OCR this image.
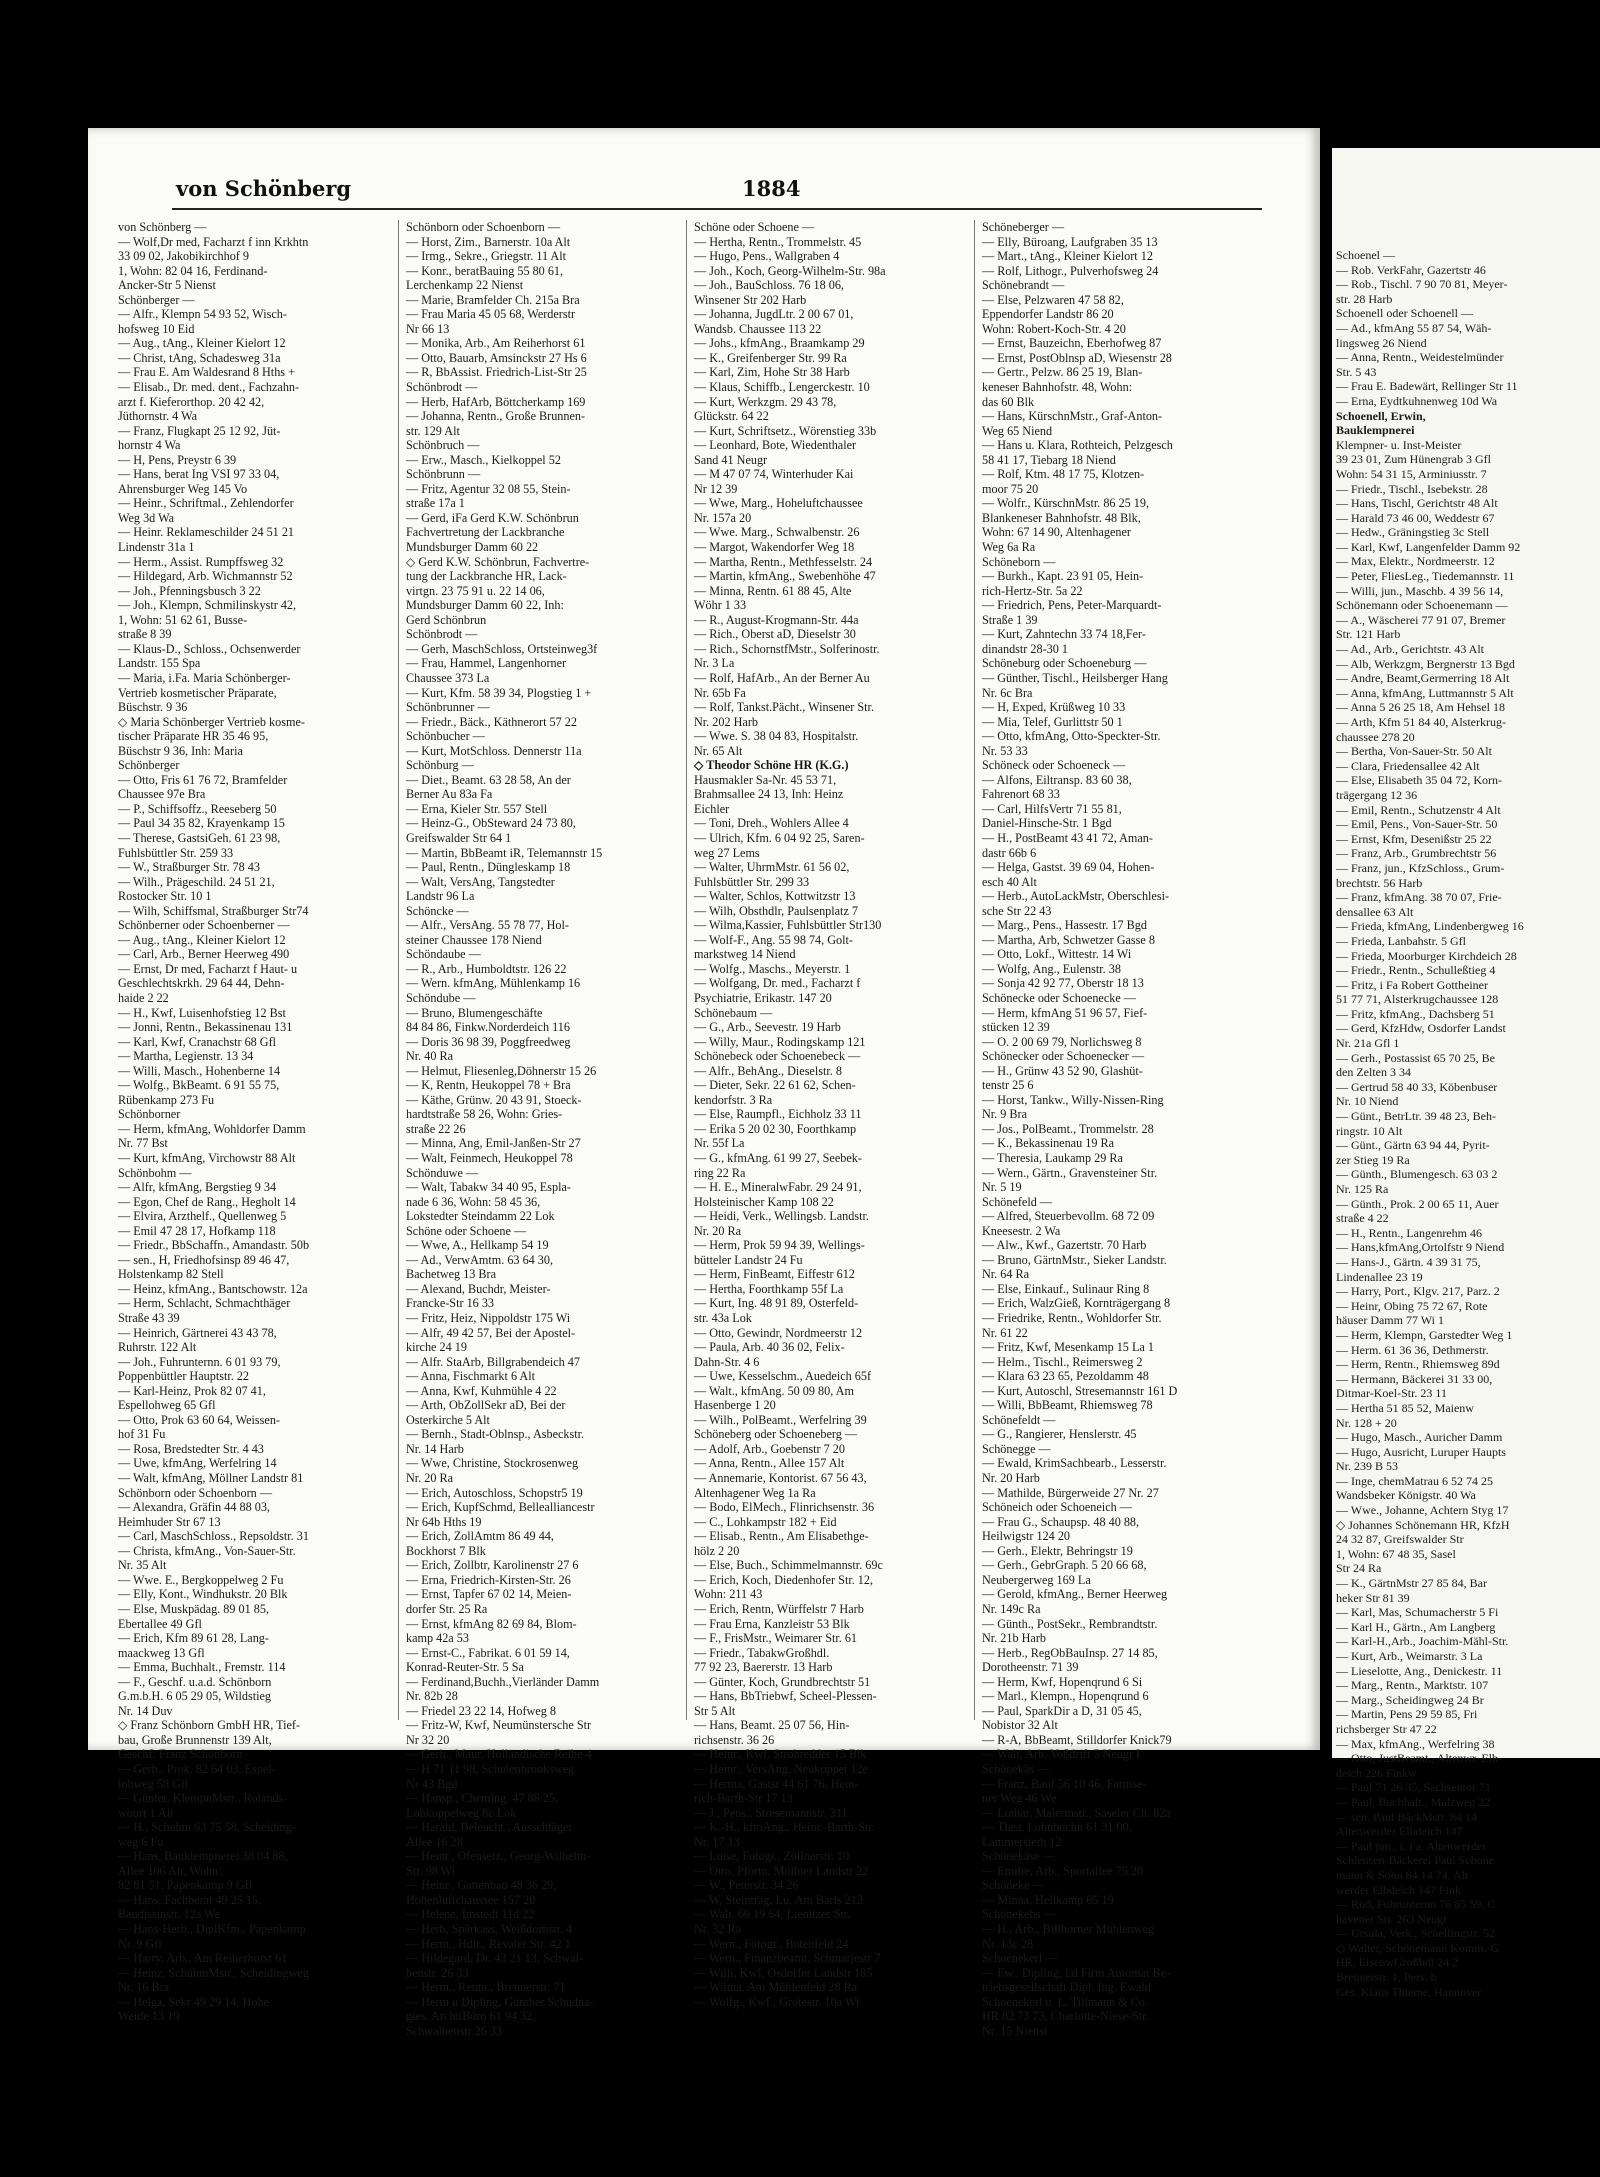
von Schönberg	1884
von Schönberg —
— Wolf,Dr med, Facharzt f inn Krkhtn
33 09 02, Jakobikirchhof 9
1, Wohn: 82 04 16, Ferdinand-
Ancker-Str 5 Nienst
Schönberger —
— Alfr., Klempn 54 93 52, Wisch-
hofsweg 10 Eid
— Aug., tAng., Kleiner Kielort 12
— Christ, tAng, Schadesweg 31a
— Frau E. Am Waldesrand 8 Hths +
— Elisab., Dr. med. dent., Fachzahn-
arzt f. Kieferorthop. 20 42 42,
Jüthornstr. 4 Wa
— Franz, Flugkapt 25 12 92, Jüt-
hornstr 4 Wa
— H, Pens, Preystr 6 39
— Hans, berat Ing VSI 97 33 04,
Ahrensburger Weg 145 Vo
— Heinr., Schriftmal., Zehlendorfer
Weg 3d Wa
— Heinr. Reklameschilder 24 51 21
Lindenstr 31a 1
— Herm., Assist. Rumpffsweg 32
— Hildegard, Arb. Wichmannstr 52
— Joh., Pfenningsbusch 3 22
— Joh., Klempn, Schmilinskystr 42,
1, Wohn: 51 62 61, Busse-
straße 8 39
— Klaus-D., Schloss., Ochsenwerder
Landstr. 155 Spa
— Maria, i.Fa. Maria Schönberger-
Vertrieb kosmetischer Präparate,
Büschstr. 9 36
◇ Maria Schönberger Vertrieb kosme-
tischer Präparate HR 35 46 95,
Büschstr 9 36, Inh: Maria
Schönberger
— Otto, Fris 61 76 72, Bramfelder
Chaussee 97e Bra
— P., Schiffsoffz., Reeseberg 50
— Paul 34 35 82, Krayenkamp 15
— Therese, GastsiGeh. 61 23 98,
Fuhlsbüttler Str. 259 33
— W., Straßburger Str. 78 43
— Wilh., Prägeschild. 24 51 21,
Rostocker Str. 10 1
— Wilh, Schiffsmal, Straßburger Str74
Schönberner oder Schoenberner —
— Aug., tAng., Kleiner Kielort 12
— Carl, Arb., Berner Heerweg 490
— Ernst, Dr med, Facharzt f Haut- u
Geschlechtskrkh. 29 64 44, Dehn-
haide 2 22
— H., Kwf, Luisenhofstieg 12 Bst
— Jonni, Rentn., Bekassinenau 131
— Karl, Kwf, Cranachstr 68 Gfl
— Martha, Legienstr. 13 34
— Willi, Masch., Hohenberne 14
— Wolfg., BkBeamt. 6 91 55 75,
Rübenkamp 273 Fu
Schönborner
— Herm, kfmAng, Wohldorfer Damm
Nr. 77 Bst
— Kurt, kfmAng, Virchowstr 88 Alt
Schönbohm —
— Alfr, kfmAng, Bergstieg 9 34
— Egon, Chef de Rang., Hegholt 14
— Elvira, Arzthelf., Quellenweg 5
— Emil 47 28 17, Hofkamp 118
— Friedr., BbSchaffn., Amandastr. 50b
— sen., H, Friedhofsinsp 89 46 47,
Holstenkamp 82 Stell
— Heinz, kfmAng., Bantschowstr. 12a
— Herm, Schlacht, Schmachthäger
Straße 43 39
— Heinrich, Gärtnerei 43 43 78,
Ruhrstr. 122 Alt
— Joh., Fuhrunternn. 6 01 93 79,
Poppenbüttler Hauptstr. 22
— Karl-Heinz, Prok 82 07 41,
Espellohweg 65 Gfl
— Otto, Prok 63 60 64, Weissen-
hof 31 Fu
— Rosa, Bredstedter Str. 4 43
— Uwe, kfmAng, Werfelring 14
— Walt, kfmAng, Möllner Landstr 81
Schönborn oder Schoenborn —
— Alexandra, Gräfin 44 88 03,
Heimhuder Str 67 13
— Carl, MaschSchloss., Repsoldstr. 31
— Christa, kfmAng., Von-Sauer-Str.
Nr. 35 Alt
— Wwe. E., Bergkoppelweg 2 Fu
— Elly, Kont., Windhukstr. 20 Blk
— Else, Muskpädag. 89 01 85,
Ebertallee 49 Gfl
— Erich, Kfm 89 61 28, Lang-
maackweg 13 Gfl
— Emma, Buchhalt., Fremstr. 114
— F., Geschf. u.a.d. Schönborn
G.m.b.H. 6 05 29 05, Wildstieg
Nr. 14 Duv
◇ Franz Schönborn GmbH HR, Tief-
bau, Große Brunnenstr 139 Alt,
Geschf: Franz Schönborn
— Gerh., Prok. 82 64 03, Espel-
lohweg 58 Gfl
— Günter, KlempnMstr., Rolands-
woort 1 Alt
— H., Schuhm 63 75 58, Scheiding-
weg 6 Fu
— Hans, Bauklempnerei 38 04 88,
Allee 106 Alt, Wohn:
82 81 51, Papenkamp 9 Gfl
— Hans, Fachberat 49 25 15,
Baudissinstr. 12a We
— Hans-Herb., DiplKfm., Papenkamp
Nr. 9 Gfl
— Harry, Arb., Am Reiherhorst 61
— Heinz, SchuhmMstr., Scheidingweg
Nr. 16 Bra
— Helga, Sekr 49 29 14, Hohe
Weide 13 19
Schönborn oder Schoenborn —
— Horst, Zim., Barnerstr. 10a Alt
— Irmg., Sekre., Griegstr. 11 Alt
— Konr., beratBauing 55 80 61,
Lerchenkamp 22 Nienst
— Marie, Bramfelder Ch. 215a Bra
— Frau Maria 45 05 68, Werderstr
Nr 66 13
— Monika, Arb., Am Reiherhorst 61
— Otto, Bauarb, Amsinckstr 27 Hs 6
— R, BbAssist. Friedrich-List-Str 25
Schönbrodt —
— Herb, HafArb, Böttcherkamp 169
— Johanna, Rentn., Große Brunnen-
str. 129 Alt
Schönbruch —
— Erw., Masch., Kielkoppel 52
Schönbrunn —
— Fritz, Agentur 32 08 55, Stein-
straße 17a 1
— Gerd, iFa Gerd K.W. Schönbrun
Fachvertretung der Lackbranche
Mundsburger Damm 60 22
◇ Gerd K.W. Schönbrun, Fachvertre-
tung der Lackbranche HR, Lack-
virtgn. 23 75 91 u. 22 14 06,
Mundsburger Damm 60 22, Inh:
Gerd Schönbrun
Schönbrodt —
— Gerh, MaschSchloss, Ortsteinweg3f
— Frau, Hammel, Langenhorner
Chaussee 373 La
— Kurt, Kfm. 58 39 34, Plogstieg 1 +
Schönbrunner —
— Friedr., Bäck., Käthnerort 57 22
Schönbucher —
— Kurt, MotSchloss. Dennerstr 11a
Schönburg —
— Diet., Beamt. 63 28 58, An der
Berner Au 83a Fa
— Erna, Kieler Str. 557 Stell
— Heinz-G., ObSteward 24 73 80,
Greifswalder Str 64 1
— Martin, BbBeamt iR, Telemannstr 15
— Paul, Rentn., Düngleskamp 18
— Walt, VersAng, Tangstedter
Landstr 96 La
Schöncke —
— Alfr., VersAng. 55 78 77, Hol-
steiner Chaussee 178 Niend
Schöndaube —
— R., Arb., Humboldtstr. 126 22
— Wern. kfmAng, Mühlenkamp 16
Schöndube —
— Bruno, Blumengeschäfte
84 84 86, Finkw.Norderdeich 116
— Doris 36 98 39, Poggfreedweg
Nr. 40 Ra
— Helmut, Fliesenleg,Döhnerstr 15 26
— K, Rentn, Heukoppel 78 + Bra
— Käthe, Grünw. 20 43 91, Stoeck-
hardtstraße 58 26, Wohn: Gries-
straße 22 26
— Minna, Ang, Emil-Janßen-Str 27
— Walt, Feinmech, Heukoppel 78
Schönduwe —
— Walt, Tabakw 34 40 95, Esplа-
nade 6 36, Wohn: 58 45 36,
Lokstedter Steindamm 22 Lok
Schöne oder Schoene —
— Wwe, A., Hellkamp 54 19
— Ad., VerwAmtm. 63 64 30,
Bachetweg 13 Bra
— Alexand, Buchdr, Meister-
Francke-Str 16 33
— Fritz, Heiz, Nippoldstr 175 Wi
— Alfr, 49 42 57, Bei der Apostel-
kirche 24 19
— Alfr. StaArb, Billgrabendeich 47
— Anna, Fischmarkt 6 Alt
— Anna, Kwf, Kuhmühle 4 22
— Arth, ObZollSekr aD, Bei der
Osterkirche 5 Alt
— Bernh., Stadt-Oblnsp., Asbeckstr.
Nr. 14 Harb
— Wwe, Christine, Stockrosenweg
Nr. 20 Ra
— Erich, Autoschloss, Schopstr5 19
— Erich, KupfSchmd, Belleallіancestr
Nr 64b Hths 19
— Erich, ZollAmtm 86 49 44,
Bockhorst 7 Blk
— Erich, Zollbtr, Karolinenstr 27 6
— Erna, Friedrich-Kirsten-Str. 26
— Ernst, Tapfer 67 02 14, Meien-
dorfer Str. 25 Ra
— Ernst, kfmAng 82 69 84, Blom-
kamp 42a 53
— Ernst-C., Fabrikat. 6 01 59 14,
Konrad-Reuter-Str. 5 Sa
— Ferdinand,Buchh.,Vierländer Damm
Nr. 82b 28
— Friedel 23 22 14, Hofweg 8
— Fritz-W, Kwf, Neumünstersche Str
Nr 32 20
— Gerh., Maur, Holländische Reihe 4
— H 71 11 98, Schulenbrooksweg
Nr 43 Bgd
— Hansp., Chemlng. 47 88 25,
Lohkoppelweg 8c Lok
— Harald, Beleucht., Ausschläger
Allee 16 28
— Heinr., Ofensetz., Georg-Wilhelm-
Str. 98 Wi
— Heinr., Gattenbau 48 36 29,
Hohenluftchaussee 157 20
— Helene, Imstedt 11d 22
— Herb, Spärkass, Weißdornstr. 4
— Herm., Hdlr., Revaler Str. 42 1
— Hildegard, Dr. 43 21 13, Schwal-
benstr. 26 33
— Herm., Rentn., Brennerstr. 71
— Herm u Dipling, Günther Schudna-
gies, ArchitBüro 61 94 32,
Schwalbenstr 26 33
Schöne oder Schoene —
— Hertha, Rentn., Trommelstr. 45
— Hugo, Pens., Wallgraben 4
— Joh., Koch, Georg-Wilhelm-Str. 98a
— Joh., BauSchloss. 76 18 06,
Winsener Str 202 Harb
— Johanna, JugdLtr. 2 00 67 01,
Wandsb. Chaussee 113 22
— Johs., kfmAng., Braamkamp 29
— K., Greifenberger Str. 99 Ra
— Karl, Zim, Hohe Str 38 Harb
— Klaus, Schiffb., Lengerckestr. 10
— Kurt, Werkzgm. 29 43 78,
Glückstr. 64 22
— Kurt, Schriftsetz., Wörenstieg 33b
— Leonhard, Bote, Wiedenthaler
Sand 41 Neugr
— M 47 07 74, Winterhuder Kai
Nr 12 39
— Wwe, Marg., Hoheluftchaussee
Nr. 157a 20
— Wwe. Marg., Schwalbenstr. 26
— Margot, Wakendorfer Weg 18
— Martha, Rentn., Methfesselstr. 24
— Martin, kfmAng., Swebenhöhe 47
— Minna, Rentn. 61 88 45, Alte
Wöhr 1 33
— R., August-Krogmann-Str. 44a
— Rich., Oberst aD, Dieselstr 30
— Rich., SchornstfMstr., Solferinostr.
Nr. 3 La
— Rolf, HafArb., An der Berner Au
Nr. 65b Fa
— Rolf, Tankst.Pächt., Winsener Str.
Nr. 202 Harb
— Wwe. S. 38 04 83, Hospitalstr.
Nr. 65 Alt
◇ Theodor Schöne HR (K.G.)
Hausmakler Sa-Nr. 45 53 71,
Brahmsallee 24 13, Inh: Heinz
Eichler
— Toni, Dreh., Wohlers Allee 4
— Ulrich, Kfm. 6 04 92 25, Saren-
weg 27 Lems
— Walter, UhrmMstr. 61 56 02,
Fuhlsbüttler Str. 299 33
— Walter, Schlos, Kottwitzstr 13
— Wilh, Obsthdlr, Paulsenplatz 7
— Wilma,Kassier, Fuhlsbüttler Str130
— Wolf-F., Ang. 55 98 74, Golt-
markstweg 14 Niend
— Wolfg., Maschs., Meyerstr. 1
— Wolfgang, Dr. med., Facharzt f
Psychiatrie, Erikastr. 147 20
Schönebaum —
— G., Arb., Seevestr. 19 Harb
— Willy, Maur., Rodingskamp 121
Schönebeck oder Schoenebeck —
— Alfr., BehAng., Dieselstr. 8
— Dieter, Sekr. 22 61 62, Schen-
kendorfstr. 3 Ra
— Else, Raumpfl., Eichholz 33 11
— Erika 5 20 02 30, Foorthkamp
Nr. 55f La
— G., kfmAng. 61 99 27, Seebek-
ring 22 Ra
— H. E., MineralwFabr. 29 24 91,
Holsteinischer Kamp 108 22
— Heidi, Verk., Wellingsb. Landstr.
Nr. 20 Ra
— Herm, Prok 59 94 39, Wellings-
bütteler Landstr 24 Fu
— Herm, FinBeamt, Eiffestr 612
— Hertha, Foorthkamp 55f La
— Kurt, Ing. 48 91 89, Osterfeld-
str. 43a Lok
— Otto, Gewindr, Nordmeerstr 12
— Paula, Arb. 40 36 02, Felix-
Dahn-Str. 4 6
— Uwe, Kesselschm., Auedeich 65f
— Walt., kfmAng. 50 09 80, Am
Hasenberge 1 20
— Wilh., PolBeamt., Werfelring 39
Schöneberg oder Schoeneberg —
— Adolf, Arb., Goebenstr 7 20
— Anna, Rentn., Allee 157 Alt
— Annemarie, Kontorist. 67 56 43,
Altenhagener Weg 1a Ra
— Bodo, ElMech., Flinrichsenstr. 36
— C., Lohkampstr 182 + Eid
— Elisab., Rentn., Am Elisabethge-
hölz 2 20
— Else, Buch., Schimmelmannstr. 69c
— Erich, Koch, Diedenhofer Str. 12,
Wohn: 211 43
— Erich, Rentn, Würffelstr 7 Harb
— Frau Erna, Kanzleistr 53 Blk
— F., FrisMstr., Weimarer Str. 61
— Friedr., TabakwGroßhdl.
77 92 23, Baererstr. 13 Harb
— Günter, Koch, Grundbrechtstr 51
— Hans, BbTriebwf, Scheel-Plessen-
Str 5 Alt
— Hans, Beamt. 25 07 56, Hin-
richsenstr. 36 26
— Heinr., Kwf, Strohredder 15 Blk
— Heinr., VersAng, Neukoppel 12e
— Herma, Gastst 44 61 76, Hein-
rich-Barth-Str 17 13
— J., Pens., Stresemannstr. 311
— K.-H., kfmAng., Heinr.-Barth-Str.
Nr. 17 13
— Luise, Fotogr., Zöllnerstr. 10
— Otto, Pförtn, Möllner Landstr 22
— W., Peterstr. 34 26
— W, Steinträg, Lu, Am Barls 213
— Walt. 66 19 64, Lienitzer Str.
Nr. 32 Ra
— Wern., Fotogr., Butenfeld 24
— Wern., Finanzbeamt, Schmarjestr 7
— Willi, Kwf, Osdorfer Landstr 185
— Wilma, Am Mühlenfeld 28 Ra
— Wolfg., Kwf., Grotestr. 10a Wi
Schöneberger —
— Elly, Büroang, Laufgraben 35 13
— Mart., tAng., Kleiner Kielort 12
— Rolf, Lithogr., Pulverhofsweg 24
Schönebrandt —
— Else, Pelzwaren 47 58 82,
Eppendorfer Landstr 86 20
Wohn: Robert-Koch-Str. 4 20
— Ernst, Bauzeichn, Eberhofweg 87
— Ernst, PostOblnsp aD, Wiesenstr 28
— Gertr., Pelzw. 86 25 19, Blan-
keneser Bahnhofstr. 48, Wohn:
das 60 Blk
— Hans, KürschnMstr., Graf-Anton-
Weg 65 Niend
— Hans u. Klara, Rothteich, Pelzgesch
58 41 17, Tiebarg 18 Niend
— Rolf, Ktm. 48 17 75, Klotzen-
moor 75 20
— Wolfr., KürschnMstr. 86 25 19,
Blankeneser Bahnhofstr. 48 Blk,
Wohn: 67 14 90, Altenhagener
Weg 6a Ra
Schöneborn —
— Burkh., Kapt. 23 91 05, Hein-
rich-Hertz-Str. 5a 22
— Friedrich, Pens, Peter-Marquardt-
Straße 1 39
— Kurt, Zahntechn 33 74 18,Fer-
dinandstr 28-30 1
Schöneburg oder Schoeneburg —
— Günther, Tischl., Heilsberger Hang
Nr. 6c Bra
— H, Exped, Krüßweg 10 33
— Mia, Telef, Gurlittstr 50 1
— Otto, kfmAng, Otto-Speckter-Str.
Nr. 53 33
Schöneck oder Schoeneck —
— Alfons, Eiltransp. 83 60 38,
Fahrenort 68 33
— Carl, HilfsVertr 71 55 81,
Daniel-Hinsche-Str. 1 Bgd
— H., PostBeamt 43 41 72, Aman-
dastr 66b 6
— Helga, Gastst. 39 69 04, Hohen-
esch 40 Alt
— Herb., AutoLackMstr, Oberschlesi-
sche Str 22 43
— Marg., Pens., Hassestr. 17 Bgd
— Martha, Arb, Schwetzer Gasse 8
— Otto, Lokf., Wittestr. 14 Wi
— Wolfg, Ang., Eulenstr. 38
— Sonja 42 92 77, Oberstr 18 13
Schönecke oder Schoenecke —
— Herm, kfmAng 51 96 57, Fief-
stücken 12 39
— O. 2 00 69 79, Norlichsweg 8
Schönecker oder Schoenecker —
— H., Grünw 43 52 90, Glashüt-
tenstr 25 6
— Horst, Tankw., Willy-Nissen-Ring
Nr. 9 Bra
— Jos., PolBeamt., Trommelstr. 28
— K., Bekassinenau 19 Ra
— Theresia, Laukamp 29 Ra
— Wern., Gärtn., Gravensteiner Str.
Nr. 5 19
Schönefeld —
— Alfred, Steuerbevollm. 68 72 09
Kneesestr. 2 Wa
— Alw., Kwf., Gazertstr. 70 Harb
— Bruno, GärtnMstr., Sieker Landstr.
Nr. 64 Ra
— Else, Einkauf., Sulinaur Ring 8
— Erich, WalzGieß, Kornträgergang 8
— Friedrike, Rentn., Wohldorfer Str.
Nr. 61 22
— Fritz, Kwf, Mesenkamp 15 La 1
— Helm., Tischl., Reimersweg 2
— Klara 63 23 65, Pezoldamm 48
— Kurt, Autoschl, Stresemannstr 161 D
— Willi, BbBeamt, Rhiemsweg 78
Schönefeldt —
— G., Rangierer, Henslerstr. 45
Schönegge —
— Ewald, KrimSachbearb., Lesserstr.
Nr. 20 Harb
— Mathilde, Bürgerweide 27 Nr. 27
Schöneich oder Schoeneich —
— Frau G., Schaupsp. 48 40 88,
Heilwigstr 124 20
— Gerh., Elektr, Behringstr 19
— Gerh., GebrGraph. 5 20 66 68,
Neubergerweg 169 La
— Gerold, kfmAng., Berner Heerweg
Nr. 149c Ra
— Günth., PostSekr., Rembrandtstr.
Nr. 21b Harb
— Herb., RegObBauInsp. 27 14 85,
Dorotheenstr. 71 39
— Herm, Kwf, Hopenqrund 6 Si
— Marl., Klempn., Hopenqrund 6
— Paul, SparkDir a D, 31 05 45,
Nobistor 32 Alt
— R-A, BbBeamt, Stilldorfer Knick79
— Walt, Arb, Voßdrift 5 Neugr I
Schönekäs —
— Franz, Bauf 56 10 46, Farmse-
ner Weg 46 We
— Lothar, Malermstr., Saseler Ch. 82a
— Thea, Lohnbuchh 61 31 00,
Lämmersieth 12
Schönekäse —
— Emilie, Arb., Sportallee 75 20
Schöneke —
— Minna, Hellkamp 65 19
Schönekehs —
— H., Arb., Billhorner Mühlenweg
Nr. 13c 28
Schoenekerl —
— Ew., Dipling, i.d Firm Automat Be-
triebsgesellschaft Dipl. Ing. Ewald
Schoenekerl u. L. Tillmann & Co.
HR 82 73 73, Charlotte-Niese-Str.
Nr. 15 Nienst
Schoenel —
— Rob. VerkFahr, Gazertstr 46
— Rob., Tischl. 7 90 70 81, Meyer-
str. 28 Harb
Schoenell oder Schoenell —
— Ad., kfmAng 55 87 54, Wäh-
lingsweg 26 Niend
— Anna, Rentn., Weidestelmünder
Str. 5 43
— Frau E. Badewärt, Rellinger Str 11
— Erna, Eydtkuhnenweg 10d Wa
Schoenell, Erwin,
Bauklempnerei
Klempner- u. Inst-Meister
39 23 01, Zum Hünengrab 3 Gfl
Wohn: 54 31 15, Arminiusstr. 7
— Friedr., Tischl., Isebekstr. 28
— Hans, Tischl, Gerichtstr 48 Alt
— Harald 73 46 00, Weddestr 67
— Hedw., Gräningstieg 3c Stell
— Karl, Kwf, Langenfelder Damm 92
— Max, Elektr., Nordmeerstr. 12
— Peter, FliesLeg., Tiedemannstr. 11
— Willi, jun., Maschb. 4 39 56 14,
Schönemann oder Schoenemann —
— A., Wäscherei 77 91 07, Bremer
Str. 121 Harb
— Ad., Arb., Gerichtstr. 43 Alt
— Alb, Werkzgm, Bergnerstr 13 Bgd
— Andre, Beamt,Germerring 18 Alt
— Anna, kfmAng, Luttmannstr 5 Alt
— Anna 5 26 25 18, Am Hehsel 18
— Arth, Kfm 51 84 40, Alsterkrug-
chaussee 278 20
— Bertha, Von-Sauer-Str. 50 Alt
— Clara, Friedensallee 42 Alt
— Else, Elisabeth 35 04 72, Korn-
trägergang 12 36
— Emil, Rentn., Schutzenstr 4 Alt
— Emil, Pens., Von-Sauer-Str. 50
— Ernst, Kfm, Desenißstr 25 22
— Franz, Arb., Grumbrechtstr 56
— Franz, jun., KfzSchloss., Grum-
brechtstr. 56 Harb
— Franz, kfmAng. 38 70 07, Frie-
densallee 63 Alt
— Frieda, kfmAng, Lindenbergweg 16
— Frieda, Lanbahstr. 5 Gfl
— Frieda, Moorburger Kirchdeich 28
— Friedr., Rentn., Schulleßtieg 4
— Fritz, i Fa Robert Gottheiner
51 77 71, Alsterkrugchaussee 128
— Fritz, kfmAng., Dachsberg 51
— Gerd, KfzHdw, Osdorfer Landst
Nr. 21a Gfl 1
— Gerh., Postassist 65 70 25, Be
den Zelten 3 34
— Gertrud 58 40 33, Köbenbuser
Nr. 10 Niend
— Günt., BetrLtr. 39 48 23, Beh-
ringstr. 10 Alt
— Günt., Gärtn 63 94 44, Pyrit-
zer Stieg 19 Ra
— Günth., Blumengesch. 63 03 2
Nr. 125 Ra
— Günth., Prok. 2 00 65 11, Auer
straße 4 22
— H., Rentn., Langenrehm 46
— Hans,kfmAng,Ortolfstr 9 Niend
— Hans-J., Gärtn. 4 39 31 75,
Lindenallee 23 19
— Harry, Port., Klgv. 217, Parz. 2
— Heinr, Obing 75 72 67, Rote
häuser Damm 77 Wi 1
— Herm, Klempn, Garstedter Weg 1
— Herm. 61 36 36, Dethmerstr.
— Herm, Rentn., Rhiemsweg 89d
— Hermann, Bäckerei 31 33 00,
Ditmar-Koel-Str. 23 11
— Hertha 51 85 52, Maienw
Nr. 128 + 20
— Hugo, Masch., Auricher Damm
— Hugo, Ausricht, Luruper Haupts
Nr. 239 B 53
— Inge, chemMatrau 6 52 74 25
Wandsbeker Königstr. 40 Wa
— Wwe., Johanne, Achtern Styg 17
◇ Johannes Schönemann HR, KfzH
24 32 87, Greifswalder Str
1, Wohn: 67 48 35, Sasel
Str 24 Ra
— K., GärtnMstr 27 85 84, Bar
heker Str 81 39
— Karl, Mas, Schumacherstr 5 Fi
— Karl H., Gärtn., Am Langberg
— Karl-H.,Arb., Joachim-Mähl-Str.
— Kurt, Arb., Weimarstr. 3 La
— Lieselotte, Ang., Denickestr. 11
— Marg., Rentn., Marktstr. 107
— Marg., Scheidingweg 24 Br
— Martin, Pens 29 59 85, Fri
richsberger Str 47 22
— Max, kfmAng., Werfelring 38
— Otto, JustBeamt., Altenwr. Elb-
deich 226 Finkw
— Paul 71 26 35, Sachsentor 71
— Paul, Buchhalt., Malzweg 22
— sen. Paul BäckMstr. 84 14
Altenwerder Elbdeich 147
— Paul jun., i. Fa. Altenwerder
Schleusen-Bäckerei Paul Schone
mann & Sohn 84 14 74, Alt
werder Elbdeich 147 Fink
— Rud, Fuhrunternn 76 85 59, C
havener Str. 263 Neugr
— Ursula, Verk., Schellingstr. 52
◇ Walter, Schönemann Komm.-G
HR, EisenwGroßhdl 24 2
Brennerstr. 1, Pers. h
Ges. Klaus Thieme, Hannover
